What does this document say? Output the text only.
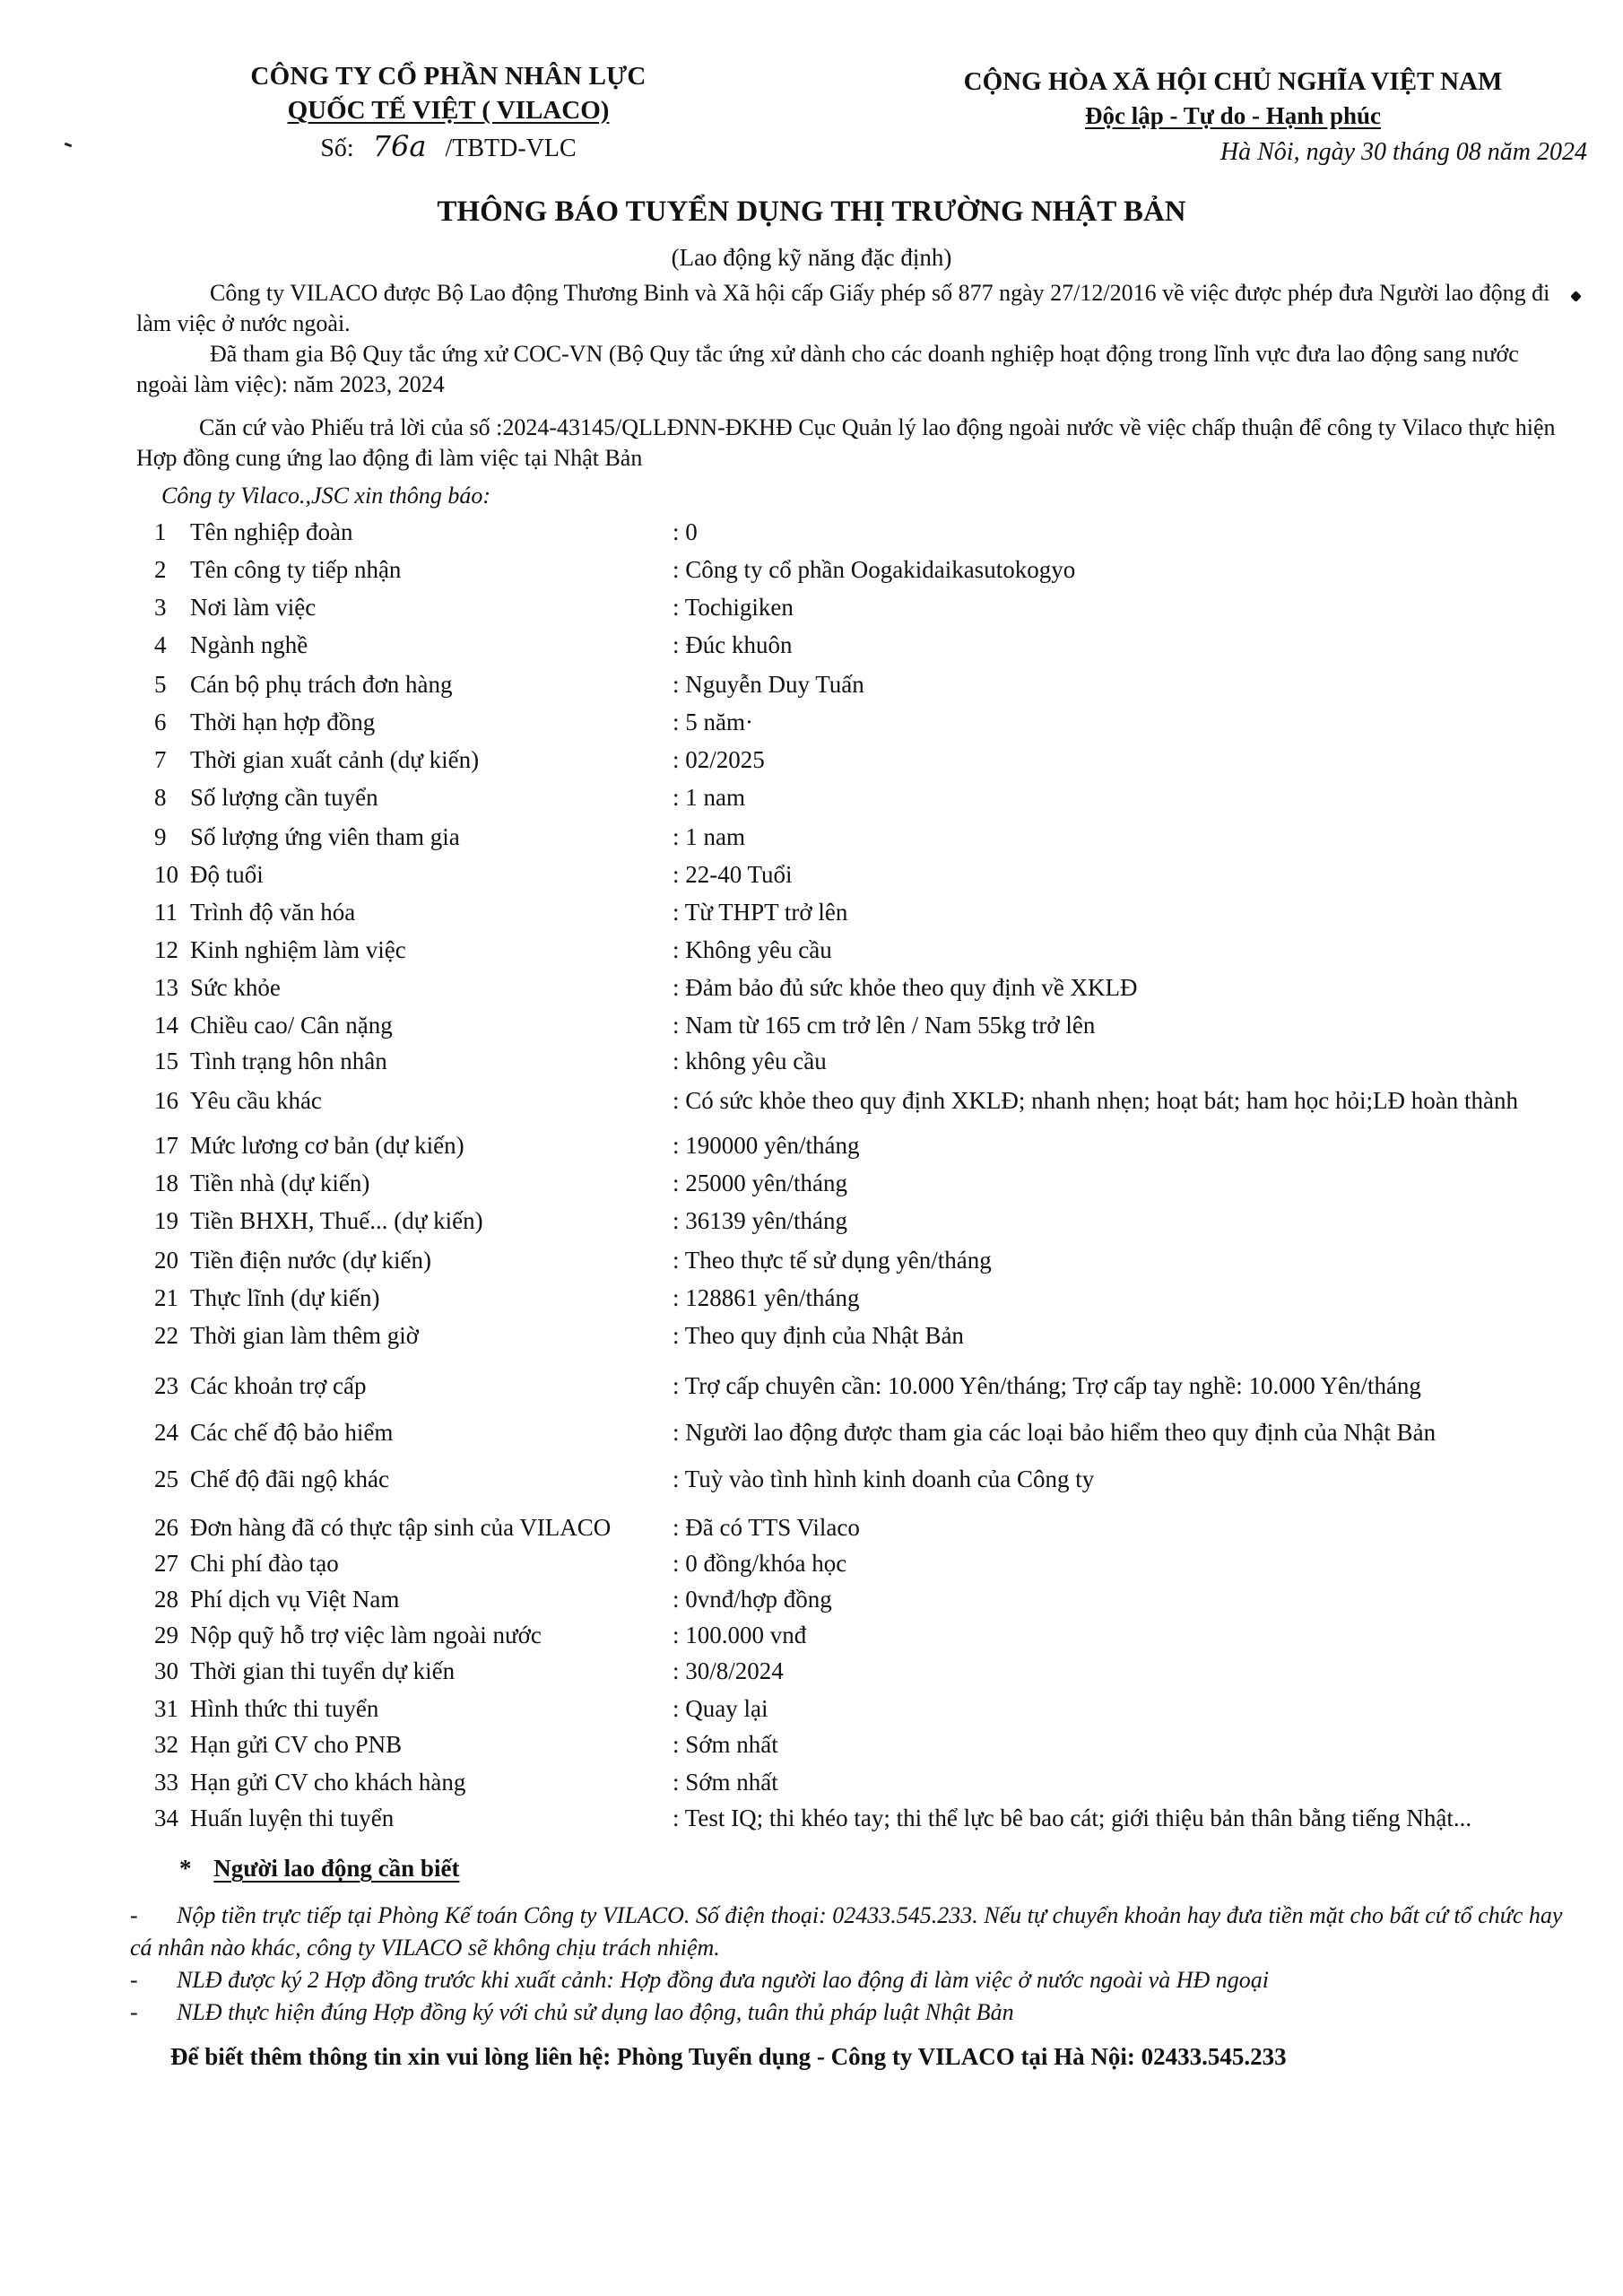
CÔNG TY CỔ PHẦN NHÂN LỰC
QUỐC TẾ VIỆT ( VILACO)
Số: 76a /TBTD-VLC
CỘNG HÒA XÃ HỘI CHỦ NGHĨA VIỆT NAM
Độc lập - Tự do - Hạnh phúc
Hà Nôi, ngày 30 tháng 08 năm 2024
THÔNG BÁO TUYỂN DỤNG THỊ TRƯỜNG NHẬT BẢN
(Lao động kỹ năng đặc định)
Công ty VILACO được Bộ Lao động Thương Binh và Xã hội cấp Giấy phép số 877 ngày 27/12/2016 về việc được phép đưa Người lao động đi làm việc ở nước ngoài.
Đã tham gia Bộ Quy tắc ứng xử COC-VN (Bộ Quy tắc ứng xử dành cho các doanh nghiệp hoạt động trong lĩnh vực đưa lao động sang nước ngoài làm việc): năm 2023, 2024
Căn cứ vào Phiếu trả lời của số :2024-43145/QLLĐNN-ĐKHĐ Cục Quản lý lao động ngoài nước về việc chấp thuận để công ty Vilaco thực hiện Hợp đồng cung ứng lao động đi làm việc tại Nhật Bản
Công ty Vilaco.,JSC xin thông báo:
1 Tên nghiệp đoàn	: 0
2 Tên công ty tiếp nhận	: Công ty cổ phần Oogakidaikasutokogyo
3 Nơi làm việc	: Tochigiken
4 Ngành nghề	: Đúc khuôn
5 Cán bộ phụ trách đơn hàng	: Nguyễn Duy Tuấn
6 Thời hạn hợp đồng	: 5 năm·
7 Thời gian xuất cảnh (dự kiến)	: 02/2025
8 Số lượng cần tuyển	: 1 nam
9 Số lượng ứng viên tham gia	: 1 nam
10 Độ tuổi	: 22-40 Tuổi
11 Trình độ văn hóa	: Từ THPT trở lên
12 Kinh nghiệm làm việc	: Không yêu cầu
13 Sức khỏe	: Đảm bảo đủ sức khỏe theo quy định về XKLĐ
14 Chiều cao/ Cân nặng	: Nam từ 165 cm trở lên / Nam 55kg trở lên
15 Tình trạng hôn nhân	: không yêu cầu
16 Yêu cầu khác	: Có sức khỏe theo quy định XKLĐ; nhanh nhẹn; hoạt bát; ham học hỏi;LĐ hoàn thành
17 Mức lương cơ bản (dự kiến)	: 190000 yên/tháng
18 Tiền nhà (dự kiến)	: 25000 yên/tháng
19 Tiền BHXH, Thuế... (dự kiến)	: 36139 yên/tháng
20 Tiền điện nước (dự kiến)	: Theo thực tế sử dụng yên/tháng
21 Thực lĩnh (dự kiến)	: 128861 yên/tháng
22 Thời gian làm thêm giờ	: Theo quy định của Nhật Bản
23 Các khoản trợ cấp	: Trợ cấp chuyên cần: 10.000 Yên/tháng; Trợ cấp tay nghề: 10.000 Yên/tháng
24 Các chế độ bảo hiểm	: Người lao động được tham gia các loại bảo hiểm theo quy định của Nhật Bản
25 Chế độ đãi ngộ khác	: Tuỳ vào tình hình kinh doanh của Công ty
26 Đơn hàng đã có thực tập sinh của VILACO	: Đã có TTS Vilaco
27 Chi phí đào tạo	: 0 đồng/khóa học
28 Phí dịch vụ Việt Nam	: 0vnđ/hợp đồng
29 Nộp quỹ hỗ trợ việc làm ngoài nước	: 100.000 vnđ
30 Thời gian thi tuyển dự kiến	: 30/8/2024
31 Hình thức thi tuyển	: Quay lại
32 Hạn gửi CV cho PNB	: Sớm nhất
33 Hạn gửi CV cho khách hàng	: Sớm nhất
34 Huấn luyện thi tuyển	: Test IQ; thi khéo tay; thi thể lực bê bao cát; giới thiệu bản thân bằng tiếng Nhật...
* Người lao động cần biết
- Nộp tiền trực tiếp tại Phòng Kế toán Công ty VILACO. Số điện thoại: 02433.545.233. Nếu tự chuyển khoản hay đưa tiền mặt cho bất cứ tổ chức hay cá nhân nào khác, công ty VILACO sẽ không chịu trách nhiệm.
- NLĐ được ký 2 Hợp đồng trước khi xuất cảnh: Hợp đồng đưa người lao động đi làm việc ở nước ngoài và HĐ ngoại
- NLĐ thực hiện đúng Hợp đồng ký với chủ sử dụng lao động, tuân thủ pháp luật Nhật Bản
Để biết thêm thông tin xin vui lòng liên hệ: Phòng Tuyển dụng - Công ty VILACO tại Hà Nội: 02433.545.233
